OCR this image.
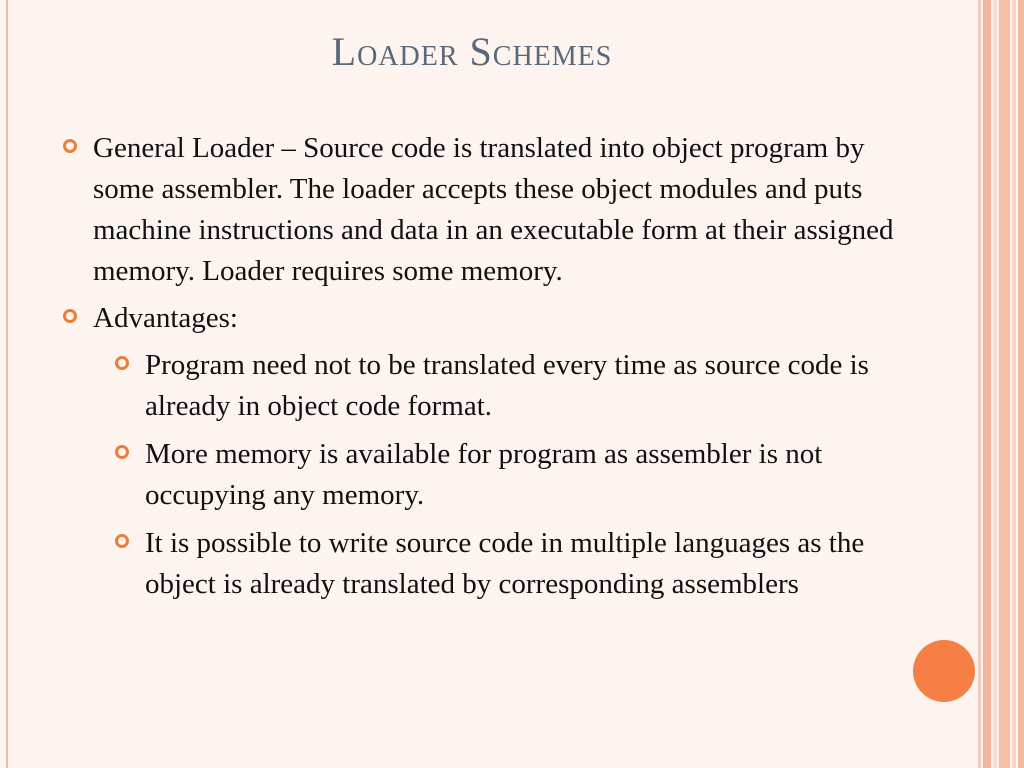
Loader Schemes
General Loader – Source code is translated into object program by some assembler. The loader accepts these object modules and puts machine instructions and data in an executable form at their assigned memory. Loader requires some memory.
Advantages:
Program need not to be translated every time as source code is already in object code format.
More memory is available for program as assembler is not occupying any memory.
It is possible to write source code in multiple languages as the object is already translated by corresponding assemblers
